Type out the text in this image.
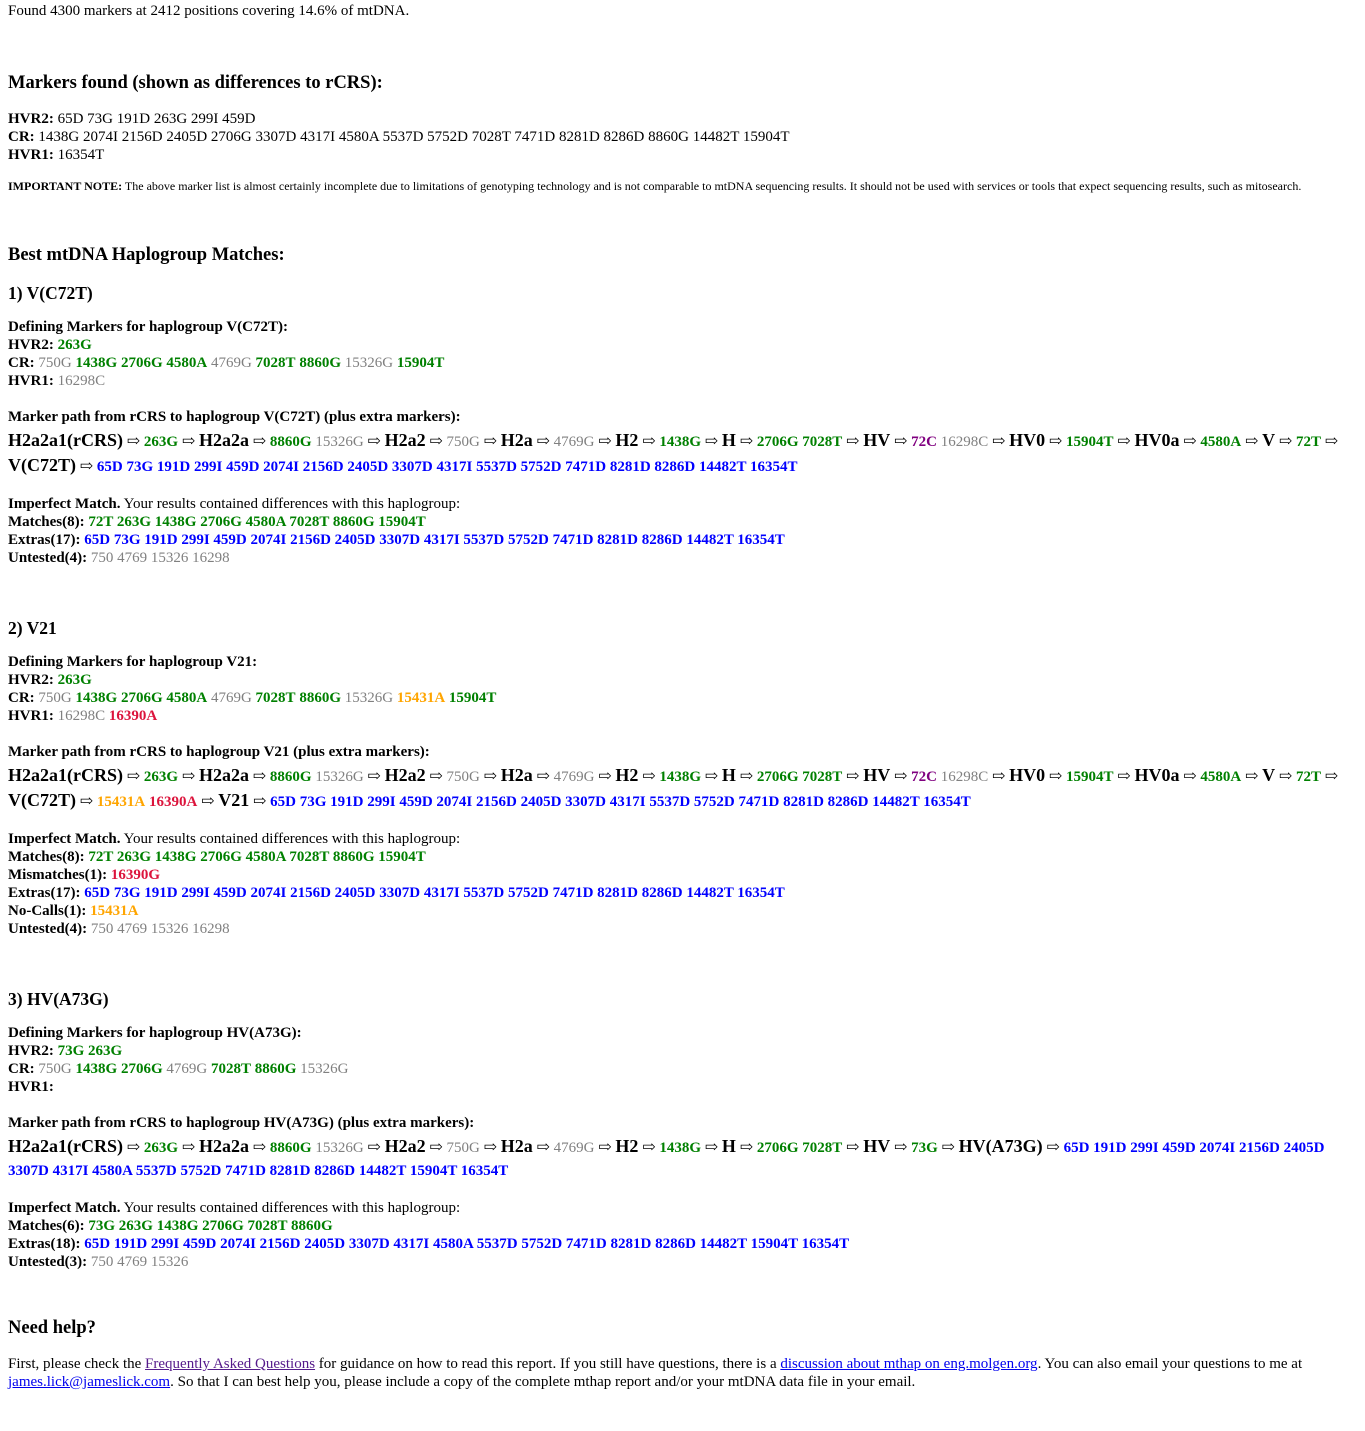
Found 4300 markers at 2412 positions covering 14.6% of mtDNA.
Markers found (shown as differences to rCRS):
HVR2: 65D 73G 191D 263G 299I 459D
CR: 1438G 2074I 2156D 2405D 2706G 3307D 4317I 4580A 5537D 5752D 7028T 7471D 8281D 8286D 8860G 14482T 15904T
HVR1: 16354T
IMPORTANT NOTE: The above marker list is almost certainly incomplete due to limitations of genotyping technology and is not comparable to mtDNA sequencing results. It should not be used with services or tools that expect sequencing results, such as mitosearch.
Best mtDNA Haplogroup Matches:
1) V(C72T)
Defining Markers for haplogroup V(C72T):
HVR2: 263G
CR: 750G 1438G 2706G 4580A 4769G 7028T 8860G 15326G 15904T
HVR1: 16298C
Marker path from rCRS to haplogroup V(C72T) (plus extra markers):
H2a2a1(rCRS) ⇨ 263G ⇨ H2a2a ⇨ 8860G 15326G ⇨ H2a2 ⇨ 750G ⇨ H2a ⇨ 4769G ⇨ H2 ⇨ 1438G ⇨ H ⇨ 2706G 7028T ⇨ HV ⇨ 72C 16298C ⇨ HV0 ⇨ 15904T ⇨ HV0a ⇨ 4580A ⇨ V ⇨ 72T ⇨ V(C72T) ⇨ 65D 73G 191D 299I 459D 2074I 2156D 2405D 3307D 4317I 5537D 5752D 7471D 8281D 8286D 14482T 16354T
Imperfect Match. Your results contained differences with this haplogroup:
Matches(8): 72T 263G 1438G 2706G 4580A 7028T 8860G 15904T
Extras(17): 65D 73G 191D 299I 459D 2074I 2156D 2405D 3307D 4317I 5537D 5752D 7471D 8281D 8286D 14482T 16354T
Untested(4): 750 4769 15326 16298
2) V21
Defining Markers for haplogroup V21:
HVR2: 263G
CR: 750G 1438G 2706G 4580A 4769G 7028T 8860G 15326G 15431A 15904T
HVR1: 16298C 16390A
Marker path from rCRS to haplogroup V21 (plus extra markers):
H2a2a1(rCRS) ⇨ 263G ⇨ H2a2a ⇨ 8860G 15326G ⇨ H2a2 ⇨ 750G ⇨ H2a ⇨ 4769G ⇨ H2 ⇨ 1438G ⇨ H ⇨ 2706G 7028T ⇨ HV ⇨ 72C 16298C ⇨ HV0 ⇨ 15904T ⇨ HV0a ⇨ 4580A ⇨ V ⇨ 72T ⇨ V(C72T) ⇨ 15431A 16390A ⇨ V21 ⇨ 65D 73G 191D 299I 459D 2074I 2156D 2405D 3307D 4317I 5537D 5752D 7471D 8281D 8286D 14482T 16354T
Imperfect Match. Your results contained differences with this haplogroup:
Matches(8): 72T 263G 1438G 2706G 4580A 7028T 8860G 15904T
Mismatches(1): 16390G
Extras(17): 65D 73G 191D 299I 459D 2074I 2156D 2405D 3307D 4317I 5537D 5752D 7471D 8281D 8286D 14482T 16354T
No-Calls(1): 15431A
Untested(4): 750 4769 15326 16298
3) HV(A73G)
Defining Markers for haplogroup HV(A73G):
HVR2: 73G 263G
CR: 750G 1438G 2706G 4769G 7028T 8860G 15326G
HVR1:
Marker path from rCRS to haplogroup HV(A73G) (plus extra markers):
H2a2a1(rCRS) ⇨ 263G ⇨ H2a2a ⇨ 8860G 15326G ⇨ H2a2 ⇨ 750G ⇨ H2a ⇨ 4769G ⇨ H2 ⇨ 1438G ⇨ H ⇨ 2706G 7028T ⇨ HV ⇨ 73G ⇨ HV(A73G) ⇨ 65D 191D 299I 459D 2074I 2156D 2405D 3307D 4317I 4580A 5537D 5752D 7471D 8281D 8286D 14482T 15904T 16354T
Imperfect Match. Your results contained differences with this haplogroup:
Matches(6): 73G 263G 1438G 2706G 7028T 8860G
Extras(18): 65D 191D 299I 459D 2074I 2156D 2405D 3307D 4317I 4580A 5537D 5752D 7471D 8281D 8286D 14482T 15904T 16354T
Untested(3): 750 4769 15326
Need help?
First, please check the Frequently Asked Questions for guidance on how to read this report. If you still have questions, there is a discussion about mthap on eng.molgen.org. You can also email your questions to me at james.lick@jameslick.com. So that I can best help you, please include a copy of the complete mthap report and/or your mtDNA data file in your email.
